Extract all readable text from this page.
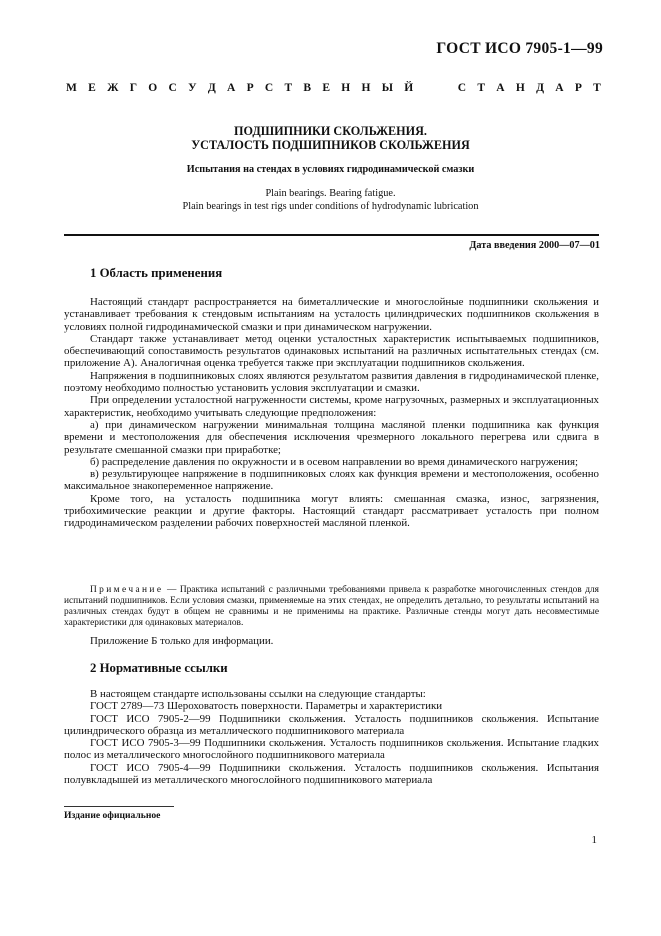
ГОСТ ИСО 7905-1—99
М Е Ж Г О С У Д А Р С Т В Е Н Н Ы Й	С Т А Н Д А Р Т
ПОДШИПНИКИ СКОЛЬЖЕНИЯ.
УСТАЛОСТЬ ПОДШИПНИКОВ СКОЛЬЖЕНИЯ
Испытания на стендах в условиях гидродинамической смазки
Plain bearings. Bearing fatigue.
Plain bearings in test rigs under conditions of hydrodynamic lubrication
Дата введения 2000—07—01
1 Область применения

Настоящий стандарт распространяется на биметаллические и многослойные подшипники скольжения и устанавливает требования к стендовым испытаниям на усталость цилиндрических подшипников скольжения в условиях полной гидродинамической смазки и при динамическом нагружении.

Стандарт также устанавливает метод оценки усталостных характеристик испытываемых подшипников, обеспечивающий сопоставимость результатов одинаковых испытаний на различных испытательных стендах (см. приложение А). Аналогичная оценка требуется также при эксплуатации подшипников скольжения.

Напряжения в подшипниковых слоях являются результатом развития давления в гидродинамической пленке, поэтому необходимо полностью установить условия эксплуатации и смазки.

При определении усталостной нагруженности системы, кроме нагрузочных, размерных и эксплуатационных характеристик, необходимо учитывать следующие предположения:

а) при динамическом нагружении минимальная толщина масляной пленки подшипника как функция времени и местоположения для обеспечения исключения чрезмерного локального перегрева или сдвига в результате смешанной смазки при приработке;

б) распределение давления по окружности и в осевом направлении во время динамического нагружения;

в) результирующее напряжение в подшипниковых слоях как функция времени и местоположения, особенно максимальное знакопеременное напряжение.

Кроме того, на усталость подшипника могут влиять: смешанная смазка, износ, загрязнения, трибохимические реакции и другие факторы. Настоящий стандарт рассматривает усталость при полном гидродинамическом разделении рабочих поверхностей масляной пленкой.

Примечание — Практика испытаний с различными требованиями привела к разработке многочисленных стендов для испытаний подшипников. Если условия смазки, применяемые на этих стендах, не определить детально, то результаты испытаний на различных стендах будут в общем не сравнимы и не применимы на практике. Различные стенды могут дать несовместимые характеристики для одинаковых материалов.

Приложение Б только для информации.
2 Нормативные ссылки

В настоящем стандарте использованы ссылки на следующие стандарты:

ГОСТ 2789—73 Шероховатость поверхности. Параметры и характеристики

ГОСТ ИСО 7905-2—99 Подшипники скольжения. Усталость подшипников скольжения. Испытание цилиндрического образца из металлического подшипникового материала

ГОСТ ИСО 7905-3—99 Подшипники скольжения. Усталость подшипников скольжения. Испытание гладких полос из металлического многослойного подшипникового материала

ГОСТ ИСО 7905-4—99 Подшипники скольжения. Усталость подшипников скольжения. Испытания полувкладышей из металлического многослойного подшипникового материала

Издание официальное
1
